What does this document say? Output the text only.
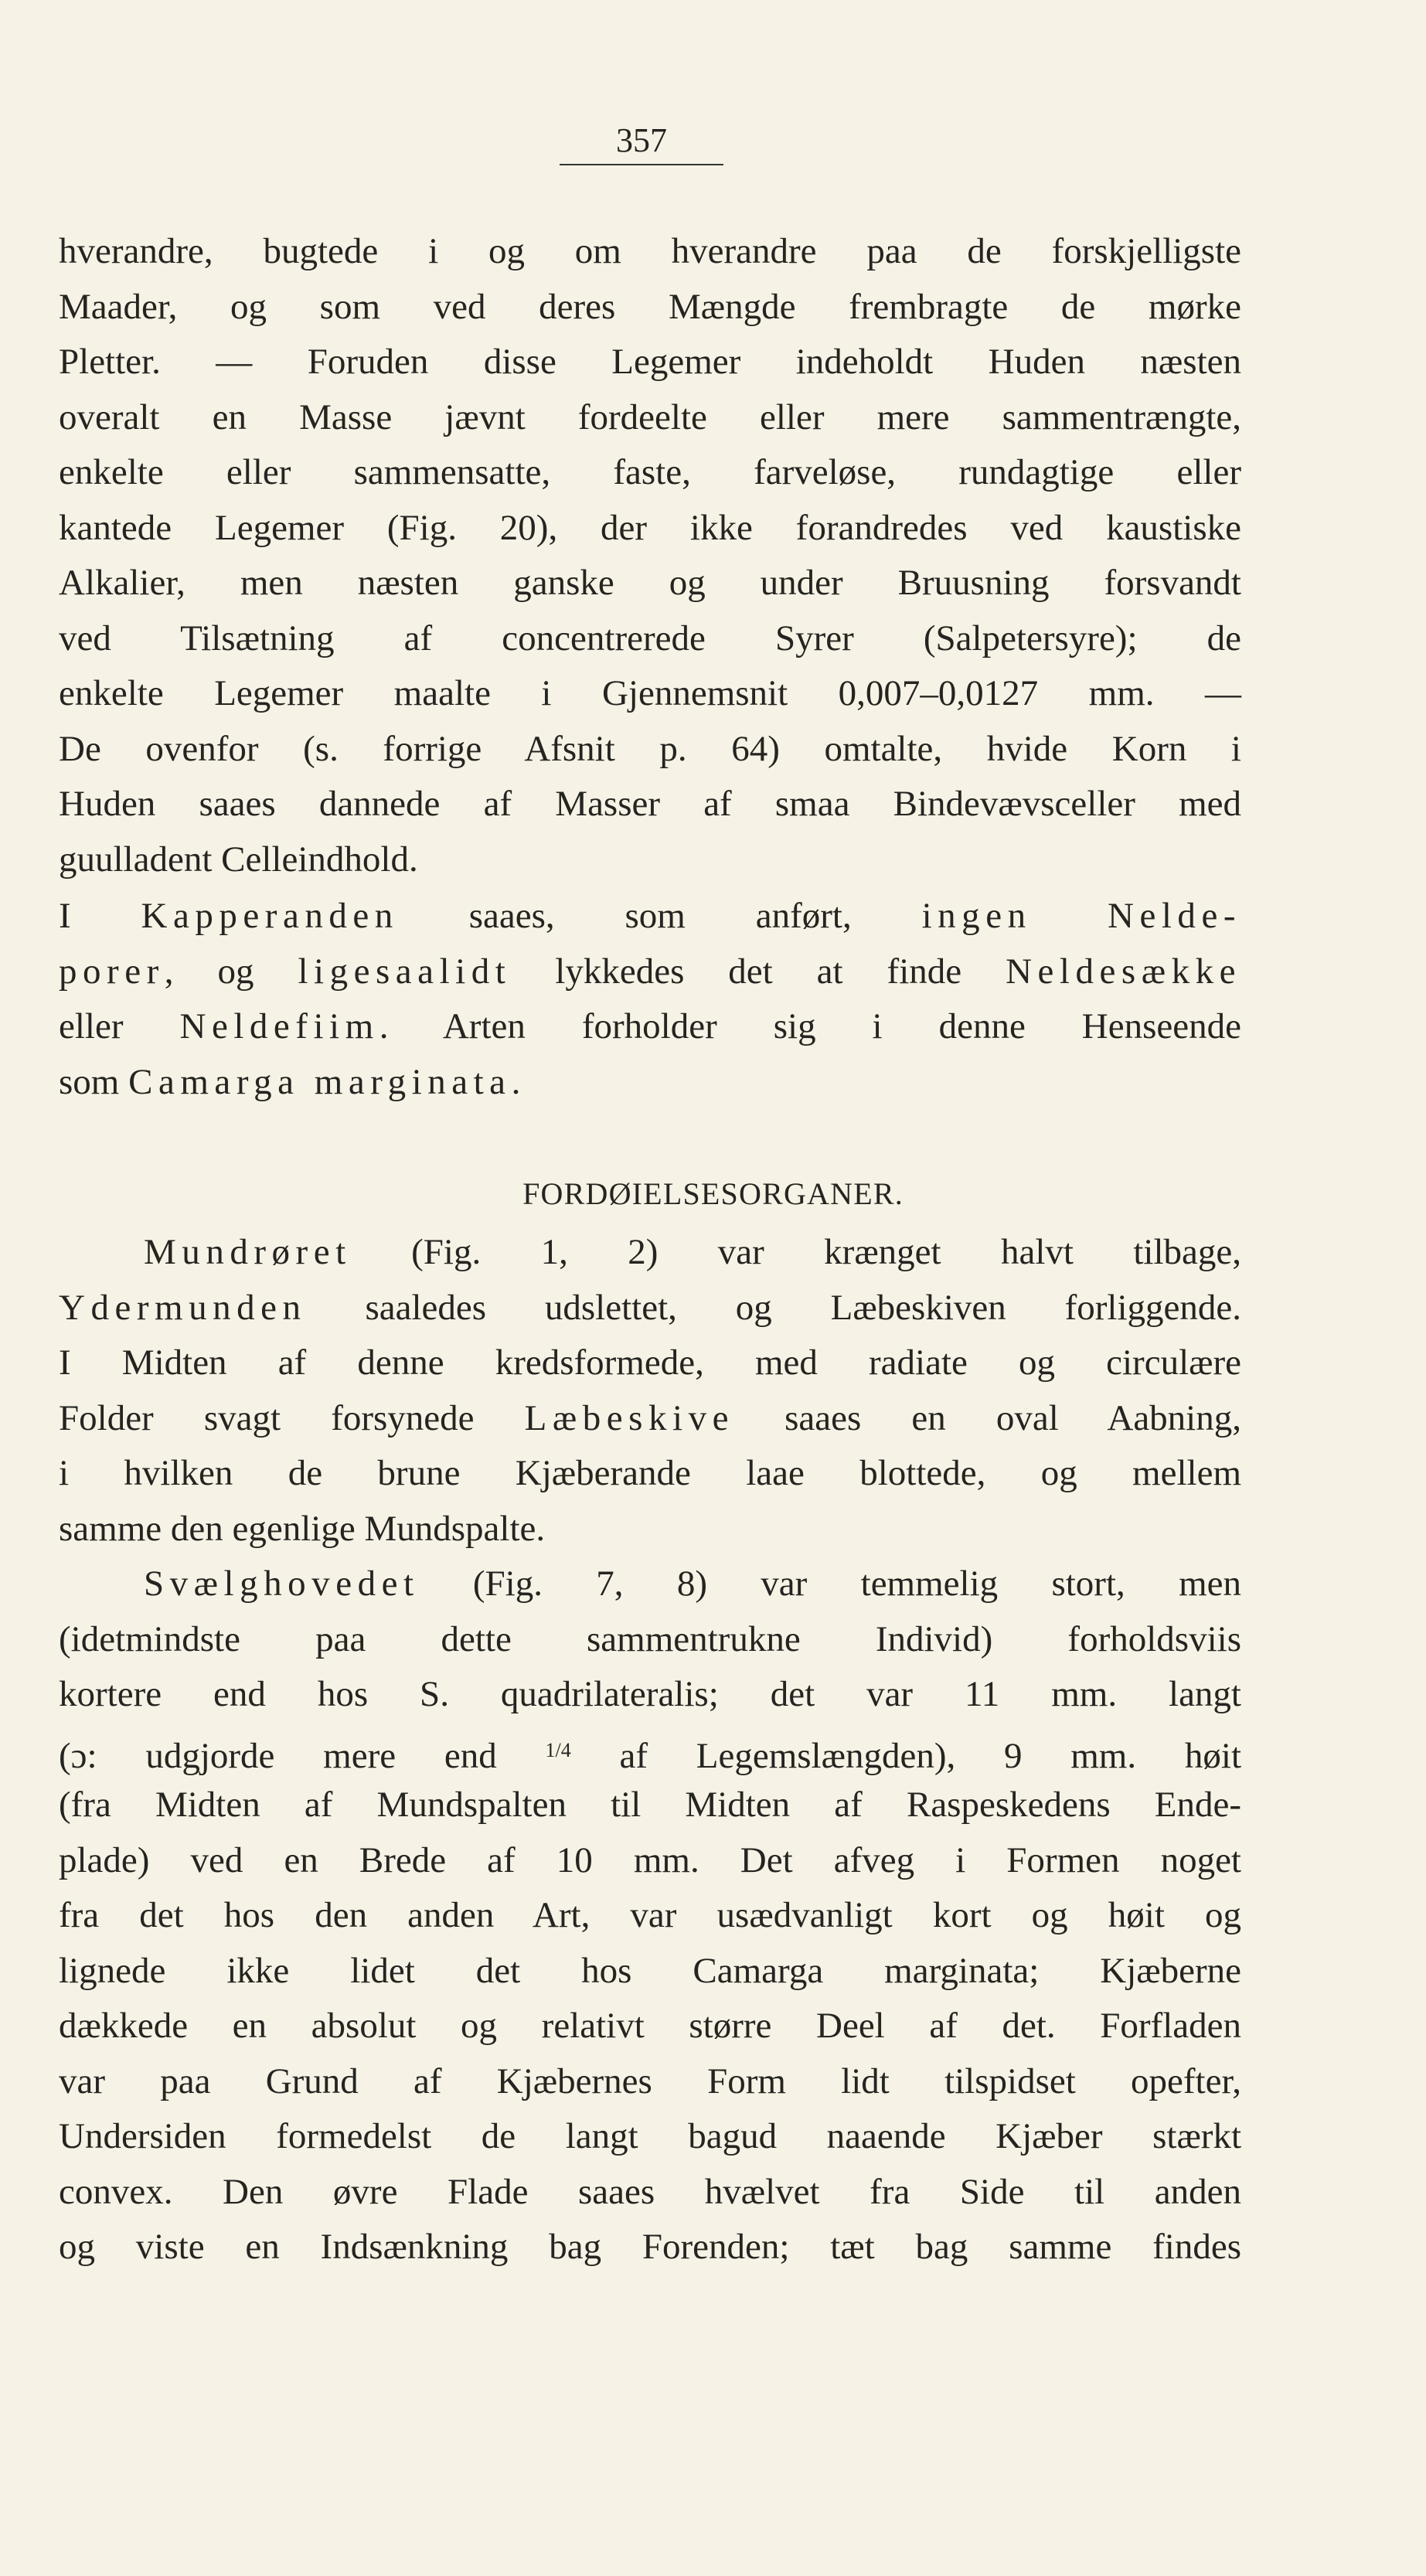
357
hverandre, bugtede i og om hverandre paa de forskjelligste
Maader, og som ved deres Mængde frembragte de mørke
Pletter. — Foruden disse Legemer indeholdt Huden næsten
overalt en Masse jævnt fordeelte eller mere sammentrængte,
enkelte eller sammensatte, faste, farveløse, rundagtige eller
kantede Legemer (Fig. 20), der ikke forandredes ved kaustiske
Alkalier, men næsten ganske og under Bruusning forsvandt
ved Tilsætning af concentrerede Syrer (Salpetersyre); de
enkelte Legemer maalte i Gjennemsnit 0,007–0,0127 mm. —
De ovenfor (s. forrige Afsnit p. 64) omtalte, hvide Korn i
Huden saaes dannede af Masser af smaa Bindevævsceller med
guulladent Celleindhold.
I Kapperanden saaes, som anført, ingen Nelde-
porer, og ligesaalidt lykkedes det at finde Neldesække
eller Neldefiim. Arten forholder sig i denne Henseende
som Camarga marginata.
FORDØIELSESORGANER.
Mundrøret (Fig. 1, 2) var krænget halvt tilbage,
Ydermunden saaledes udslettet, og Læbeskiven forliggende.
I Midten af denne kredsformede, med radiate og circulære
Folder svagt forsynede Læbeskive saaes en oval Aabning,
i hvilken de brune Kjæberande laae blottede, og mellem
samme den egenlige Mundspalte.
Svælghovedet (Fig. 7, 8) var temmelig stort, men
(idetmindste paa dette sammentrukne Individ) forholdsviis
kortere end hos S. quadrilateralis; det var 11 mm. langt
(ɔ: udgjorde mere end $^{1/4}$ af Legemslængden), 9 mm. høit
(fra Midten af Mundspalten til Midten af Raspeskedens Ende-
plade) ved en Brede af 10 mm. Det afveg i Formen noget
fra det hos den anden Art, var usædvanligt kort og høit og
lignede ikke lidet det hos Camarga marginata; Kjæberne
dækkede en absolut og relativt større Deel af det. Forfladen
var paa Grund af Kjæbernes Form lidt tilspidset opefter,
Undersiden formedelst de langt bagud naaende Kjæber stærkt
convex. Den øvre Flade saaes hvælvet fra Side til anden
og viste en Indsænkning bag Forenden; tæt bag samme findes
